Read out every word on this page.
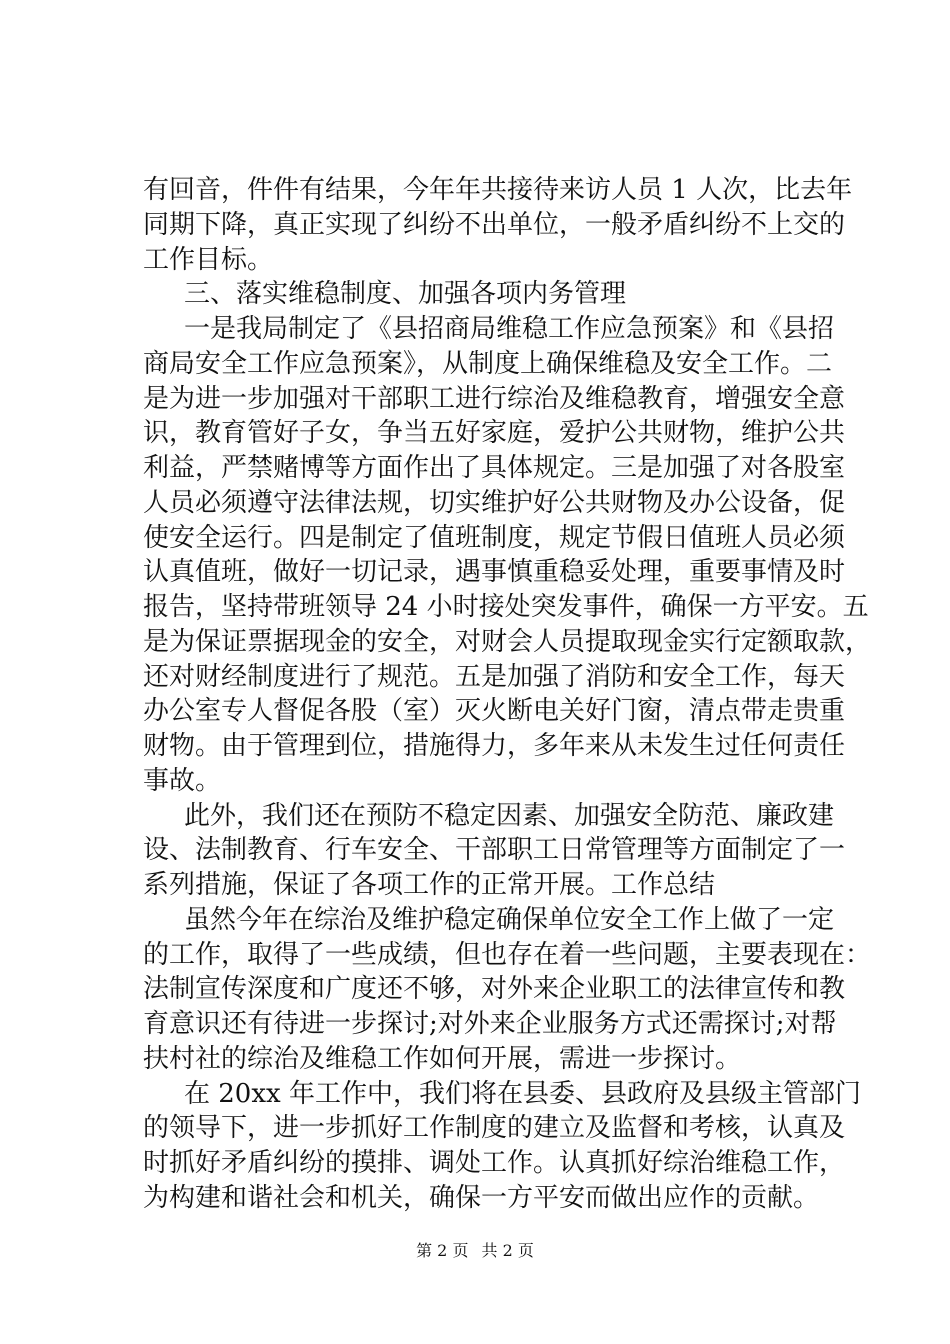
有回音，件件有结果，今年年共接待来访人员 1 人次，比去年
同期下降，真正实现了纠纷不出单位，一般矛盾纠纷不上交的
工作目标。
三、落实维稳制度、加强各项内务管理
一是我局制定了《县招商局维稳工作应急预案》和《县招
商局安全工作应急预案》，从制度上确保维稳及安全工作。二
是为进一步加强对干部职工进行综治及维稳教育，增强安全意
识，教育管好子女，争当五好家庭，爱护公共财物，维护公共
利益，严禁赌博等方面作出了具体规定。三是加强了对各股室
人员必须遵守法律法规，切实维护好公共财物及办公设备，促
使安全运行。四是制定了值班制度，规定节假日值班人员必须
认真值班，做好一切记录，遇事慎重稳妥处理，重要事情及时
报告，坚持带班领导 24 小时接处突发事件，确保一方平安。五
是为保证票据现金的安全，对财会人员提取现金实行定额取款，
还对财经制度进行了规范。五是加强了消防和安全工作，每天
办公室专人督促各股（室）灭火断电关好门窗，清点带走贵重
财物。由于管理到位，措施得力，多年来从未发生过任何责任
事故。
此外，我们还在预防不稳定因素、加强安全防范、廉政建
设、法制教育、行车安全、干部职工日常管理等方面制定了一
系列措施，保证了各项工作的正常开展。工作总结
虽然今年在综治及维护稳定确保单位安全工作上做了一定
的工作，取得了一些成绩，但也存在着一些问题，主要表现在：
法制宣传深度和广度还不够，对外来企业职工的法律宣传和教
育意识还有待进一步探讨;对外来企业服务方式还需探讨;对帮
扶村社的综治及维稳工作如何开展，需进一步探讨。
在 20xx 年工作中，我们将在县委、县政府及县级主管部门
的领导下，进一步抓好工作制度的建立及监督和考核，认真及
时抓好矛盾纠纷的摸排、调处工作。认真抓好综治维稳工作，
为构建和谐社会和机关，确保一方平安而做出应作的贡献。
第 2 页 共 2 页
